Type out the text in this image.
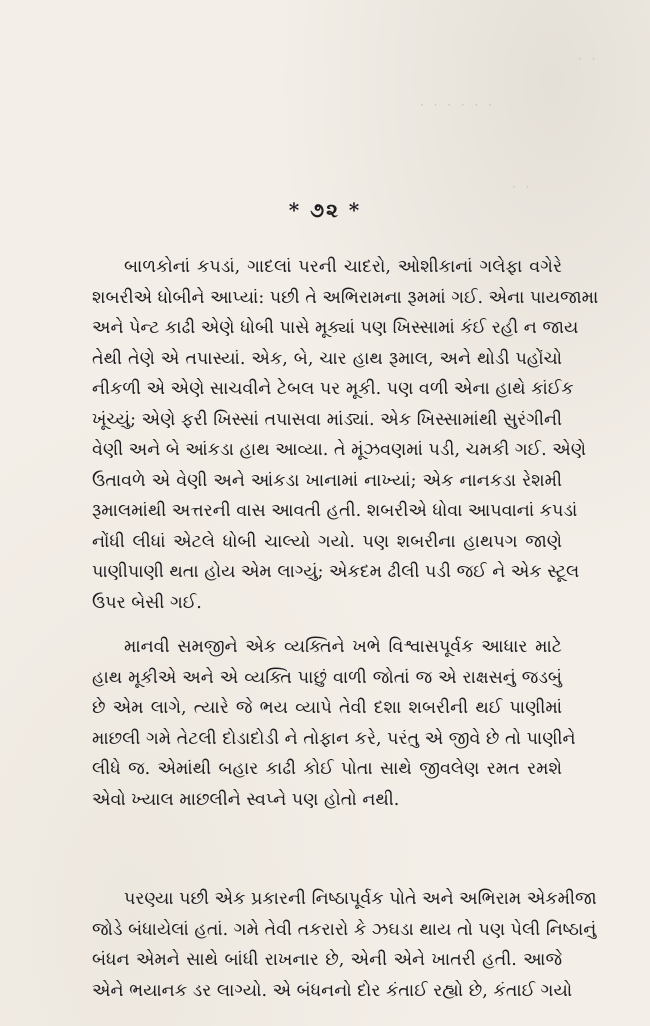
· ·
· · · · · ·
· ·
* ૭૨ *
બાળકોનાં કપડાં, ગાદલાં પરની ચાદરો, ઓશીકાનાં ગલેફા વગેરે
શબરીએ ધોબીને આપ્યાં: પછી તે અભિરામના રૂમમાં ગઈ. એના પાયજામા
અને પેન્ટ કાઢી એણે ધોબી પાસે મૂક્યાં પણ ખિસ્સામાં કંઈ રહી ન જાય
તેથી તેણે એ તપાસ્યાં. એક, બે, ચાર હાથ રૂમાલ, અને થોડી પહોંચો
નીકળી એ એણે સાચવીને ટેબલ પર મૂકી. પણ વળી એના હાથે કાંઈક
ખૂંચ્યું; એણે ફરી ખિસ્સાં તપાસવા માંડ્યાં. એક ખિસ્સામાંથી સુરંગીની
વેણી અને બે આંકડા હાથ આવ્યા. તે મૂંઝવણમાં પડી, ચમકી ગઈ. એણે
ઉતાવળે એ વેણી અને આંકડા ખાનામાં નાખ્યાં; એક નાનકડા રેશમી
રૂમાલમાંથી અત્તરની વાસ આવતી હતી. શબરીએ ધોવા આપવાનાં કપડાં
નોંધી લીધાં એટલે ધોબી ચાલ્યો ગયો. પણ શબરીના હાથપગ જાણે
પાણીપાણી થતા હોય એમ લાગ્યું; એકદમ ઢીલી પડી જઈ ને એક સ્ટૂલ
ઉપર બેસી ગઈ.
માનવી સમજીને એક વ્યક્તિને ખભે વિશ્વાસપૂર્વક આધાર માટે
હાથ મૂકીએ અને એ વ્યક્તિ પાછું વાળી જોતાં જ એ રાક્ષસનું જડબું
છે એમ લાગે, ત્યારે જે ભય વ્યાપે તેવી દશા શબરીની થઈ પાણીમાં
માછલી ગમે તેટલી દોડાદોડી ને તોફાન કરે, પરંતુ એ જીવે છે તો પાણીને
લીધે જ. એમાંથી બહાર કાઢી કોઈ પોતા સાથે જીવલેણ રમત રમશે
એવો ખ્યાલ માછલીને સ્વપ્ને પણ હોતો નથી.
પરણ્યા પછી એક પ્રકારની નિષ્ઠાપૂર્વક પોતે અને અભિરામ એકમીજા
જોડે બંધાયેલાં હતાં. ગમે તેવી તકરારો કે ઝઘડા થાય તો પણ પેલી નિષ્ઠાનું
બંધન એમને સાથે બાંધી રાખનાર છે, એની એને ખાતરી હતી. આજે
એને ભયાનક ડર લાગ્યો. એ બંધનનો દોર કંતાઈ રહ્યો છે, કંતાઈ ગયો
